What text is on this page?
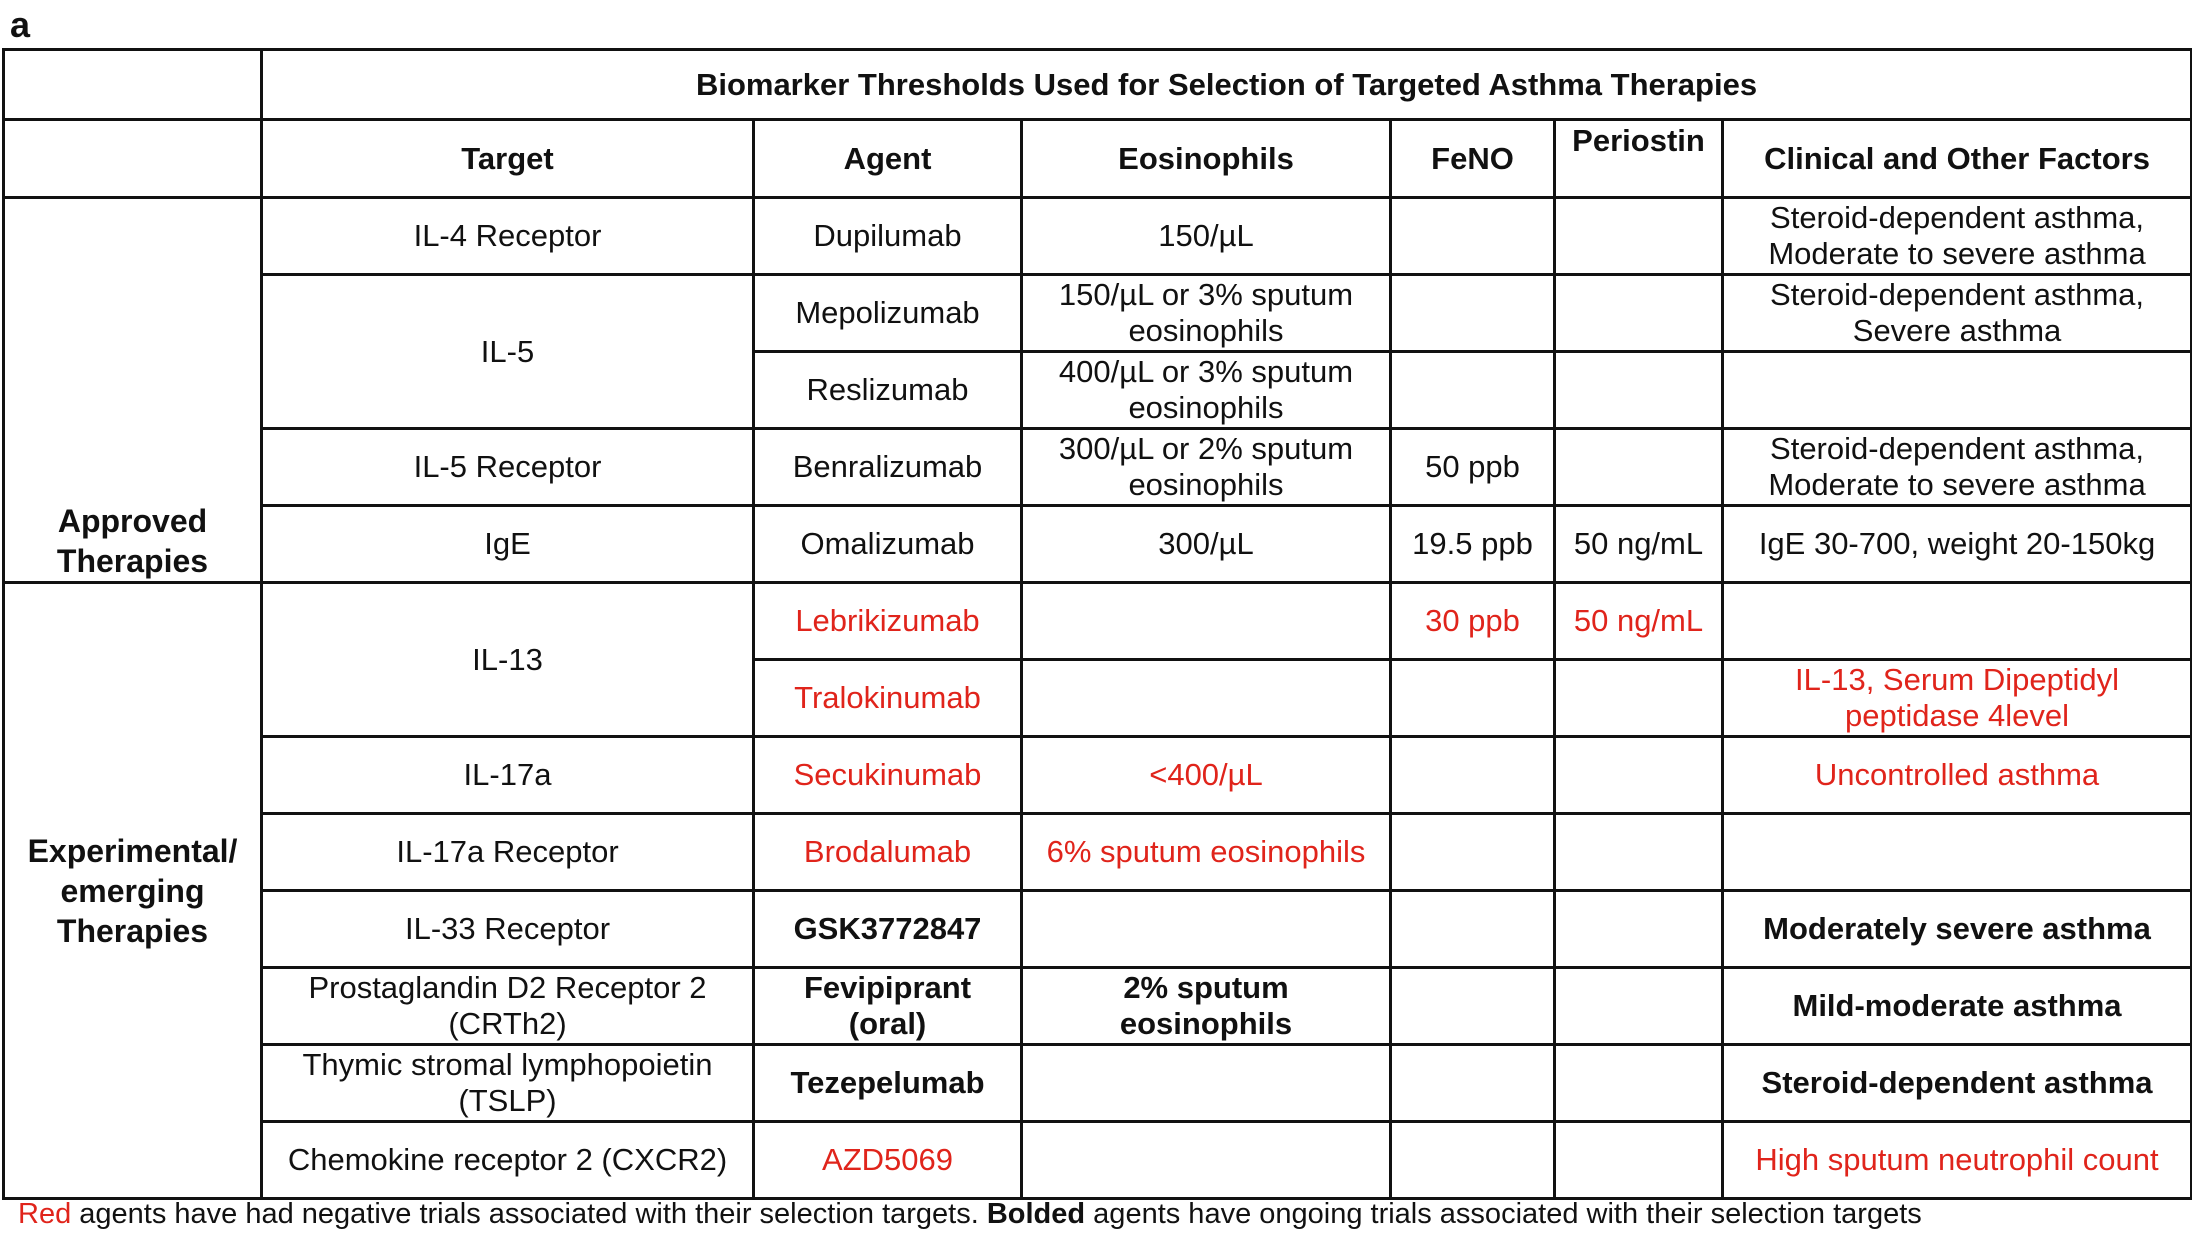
a
	Biomarker Thresholds Used for Selection of Targeted Asthma Therapies					
	Target	Agent	Eosinophils	FeNO	Periostin	Clinical and Other Factors
Approved Therapies	IL-4 Receptor	Dupilumab	150/µL			Steroid-dependent asthma,
Moderate to severe asthma
	IL-5	Mepolizumab	150/µL or 3% sputum
eosinophils			Steroid-dependent asthma,
Severe asthma
		Reslizumab	400/µL or 3% sputum
eosinophils			
	IL-5 Receptor	Benralizumab	300/µL or 2% sputum
eosinophils	50 ppb		Steroid-dependent asthma,
Moderate to severe asthma
	IgE	Omalizumab	300/µL	19.5 ppb	50 ng/mL	IgE 30-700, weight 20-150kg
Experimental/ emerging Therapies	IL-13	Lebrikizumab		30 ppb	50 ng/mL	
		Tralokinumab				IL-13, Serum Dipeptidyl
peptidase 4level
	IL-17a	Secukinumab	<400/µL			Uncontrolled asthma
	IL-17a Receptor	Brodalumab	6% sputum eosinophils			
	IL-33 Receptor	GSK3772847				Moderately severe asthma
	Prostaglandin D2 Receptor 2
(CRTh2)	Fevipiprant
(oral)	2% sputum
eosinophils			Mild-moderate asthma
	Thymic stromal lymphopoietin
(TSLP)	Tezepelumab				Steroid-dependent asthma
	Chemokine receptor 2 (CXCR2)	AZD5069				High sputum neutrophil count
Red agents have had negative trials associated with their selection targets. Bolded agents have ongoing trials associated with their selection targets
